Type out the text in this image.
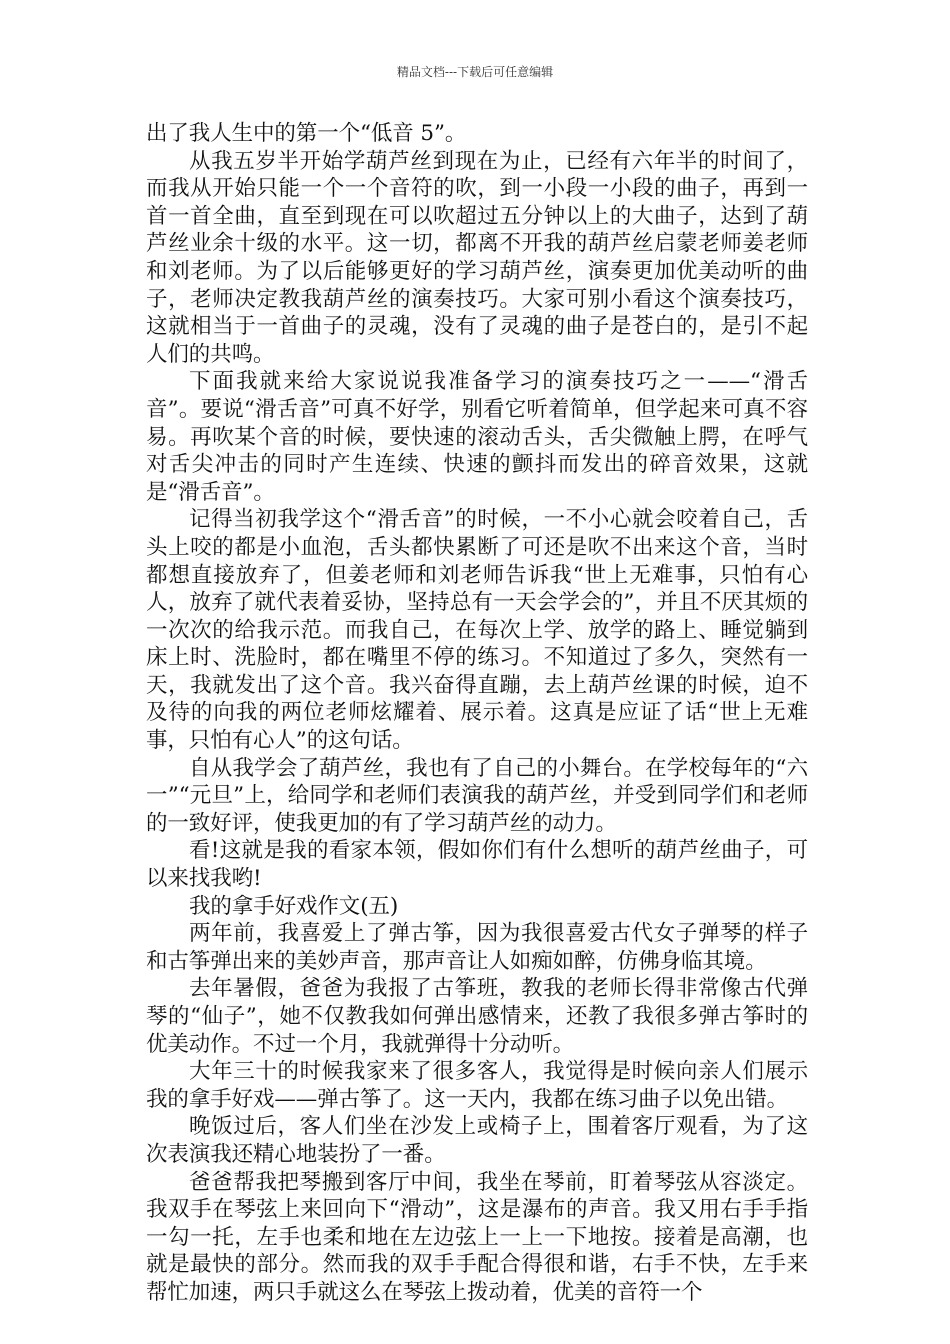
精品文档---下载后可任意编辑

出了我人生中的第一个“低音 5”。

从我五岁半开始学葫芦丝到现在为止，已经有六年半的时间了，而我从开始只能一个一个音符的吹，到一小段一小段的曲子，再到一首一首全曲，直至到现在可以吹超过五分钟以上的大曲子，达到了葫芦丝业余十级的水平。这一切，都离不开我的葫芦丝启蒙老师姜老师和刘老师。为了以后能够更好的学习葫芦丝，演奏更加优美动听的曲子，老师决定教我葫芦丝的演奏技巧。大家可别小看这个演奏技巧，这就相当于一首曲子的灵魂，没有了灵魂的曲子是苍白的，是引不起人们的共鸣。

下面我就来给大家说说我准备学习的演奏技巧之一——“滑舌音”。要说“滑舌音”可真不好学，别看它听着简单，但学起来可真不容易。再吹某个音的时候，要快速的滚动舌头，舌尖微触上腭，在呼气对舌尖冲击的同时产生连续、快速的颤抖而发出的碎音效果，这就是“滑舌音”。

记得当初我学这个“滑舌音”的时候，一不小心就会咬着自己，舌头上咬的都是小血泡，舌头都快累断了可还是吹不出来这个音，当时都想直接放弃了，但姜老师和刘老师告诉我“世上无难事，只怕有心人，放弃了就代表着妥协，坚持总有一天会学会的”，并且不厌其烦的一次次的给我示范。而我自己，在每次上学、放学的路上、睡觉躺到床上时、洗脸时，都在嘴里不停的练习。不知道过了多久，突然有一天，我就发出了这个音。我兴奋得直蹦，去上葫芦丝课的时候，迫不及待的向我的两位老师炫耀着、展示着。这真是应证了话“世上无难事，只怕有心人”的这句话。

自从我学会了葫芦丝，我也有了自己的小舞台。在学校每年的“六一”“元旦”上，给同学和老师们表演我的葫芦丝，并受到同学们和老师的一致好评，使我更加的有了学习葫芦丝的动力。

看!这就是我的看家本领，假如你们有什么想听的葫芦丝曲子，可以来找我哟!

我的拿手好戏作文(五)

两年前，我喜爱上了弹古筝，因为我很喜爱古代女子弹琴的样子和古筝弹出来的美妙声音，那声音让人如痴如醉，仿佛身临其境。

去年暑假，爸爸为我报了古筝班，教我的老师长得非常像古代弹琴的“仙子”，她不仅教我如何弹出感情来，还教了我很多弹古筝时的优美动作。不过一个月，我就弹得十分动听。

大年三十的时候我家来了很多客人，我觉得是时候向亲人们展示我的拿手好戏——弹古筝了。这一天内，我都在练习曲子以免出错。

晚饭过后，客人们坐在沙发上或椅子上，围着客厅观看，为了这次表演我还精心地装扮了一番。

爸爸帮我把琴搬到客厅中间，我坐在琴前，盯着琴弦从容淡定。我双手在琴弦上来回向下“滑动”，这是瀑布的声音。我又用右手手指一勾一托，左手也柔和地在左边弦上一上一下地按。接着是高潮，也就是最快的部分。然而我的双手手配合得很和谐，右手不快，左手来帮忙加速，两只手就这么在琴弦上拨动着，优美的音符一个
